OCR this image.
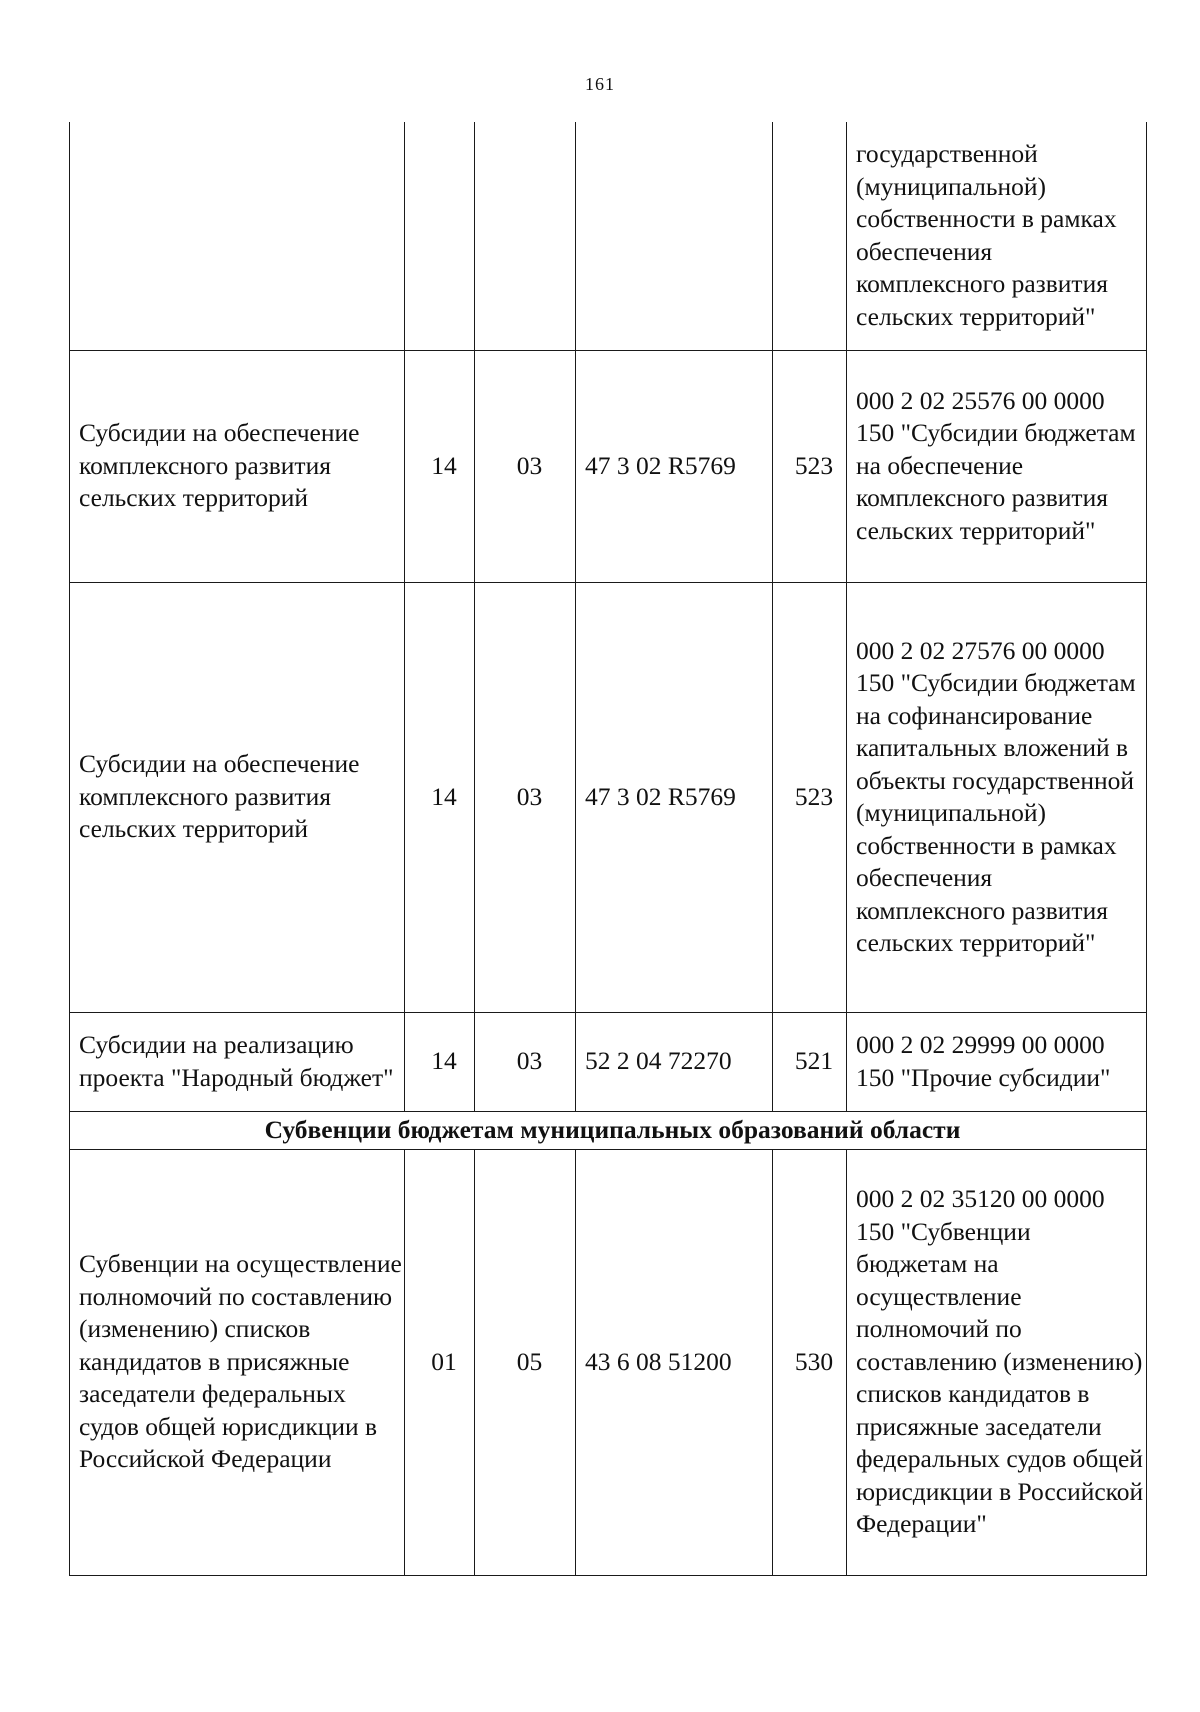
161
					государственной (муниципальной) собственности в рамках обеспечения комплексного развития сельских территорий"
Субсидии на обеспечение комплексного развития сельских территорий	14	03	47 3 02 R5769	523	000 2 02 25576 00 0000 150 "Субсидии бюджетам на обеспечение комплексного развития сельских территорий"
Субсидии на обеспечение комплексного развития сельских территорий	14	03	47 3 02 R5769	523	000 2 02 27576 00 0000 150 "Субсидии бюджетам на софинансирование капитальных вложений в объекты государственной (муниципальной) собственности в рамках обеспечения комплексного развития сельских территорий"
Субсидии на реализацию проекта "Народный бюджет"	14	03	52 2 04 72270	521	000 2 02 29999 00 0000 150 "Прочие субсидии"
Субвенции бюджетам муниципальных образований области					
Субвенции на осуществление полномочий по составлению (изменению) списков кандидатов в присяжные заседатели федеральных судов общей юрисдикции в Российской Федерации	01	05	43 6 08 51200	530	000 2 02 35120 00 0000 150 "Субвенции бюджетам на осуществление полномочий по составлению (изменению) списков кандидатов в присяжные заседатели федеральных судов общей юрисдикции в Российской Федерации"
